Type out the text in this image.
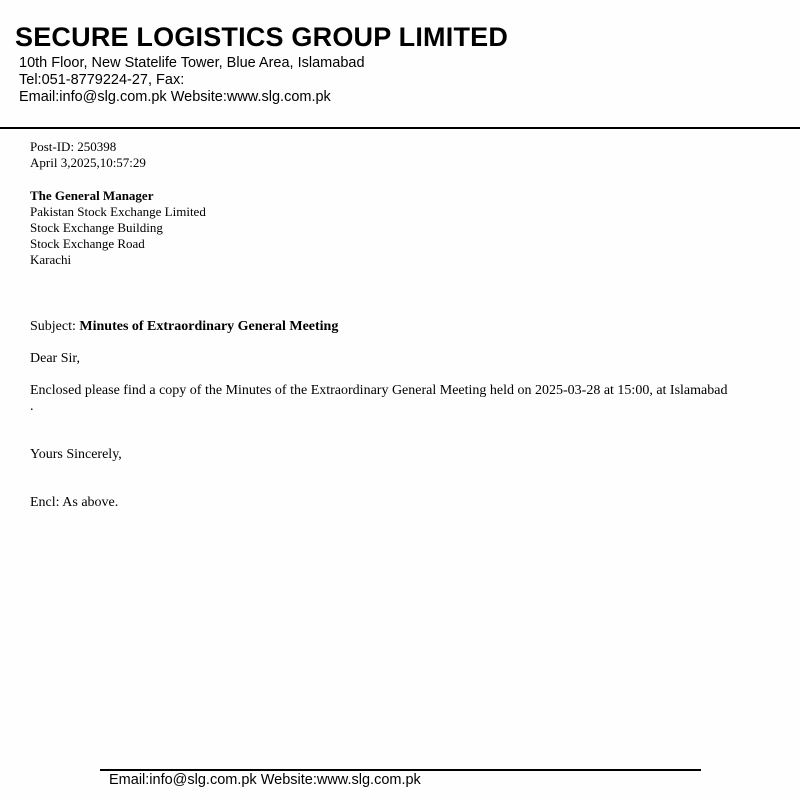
SECURE LOGISTICS GROUP LIMITED
10th Floor, New Statelife Tower, Blue Area, Islamabad
Tel:051-8779224-27, Fax:
Email:info@slg.com.pk Website:www.slg.com.pk
Post-ID: 250398
April 3,2025,10:57:29
The General Manager
Pakistan Stock Exchange Limited
Stock Exchange Building
Stock Exchange Road
Karachi
Subject: Minutes of Extraordinary General Meeting
Dear Sir,
Enclosed please find a copy of the Minutes of the Extraordinary General Meeting held on 2025-03-28 at 15:00, at Islamabad
.
Yours Sincerely,
Encl: As above.
Email:info@slg.com.pk Website:www.slg.com.pk
